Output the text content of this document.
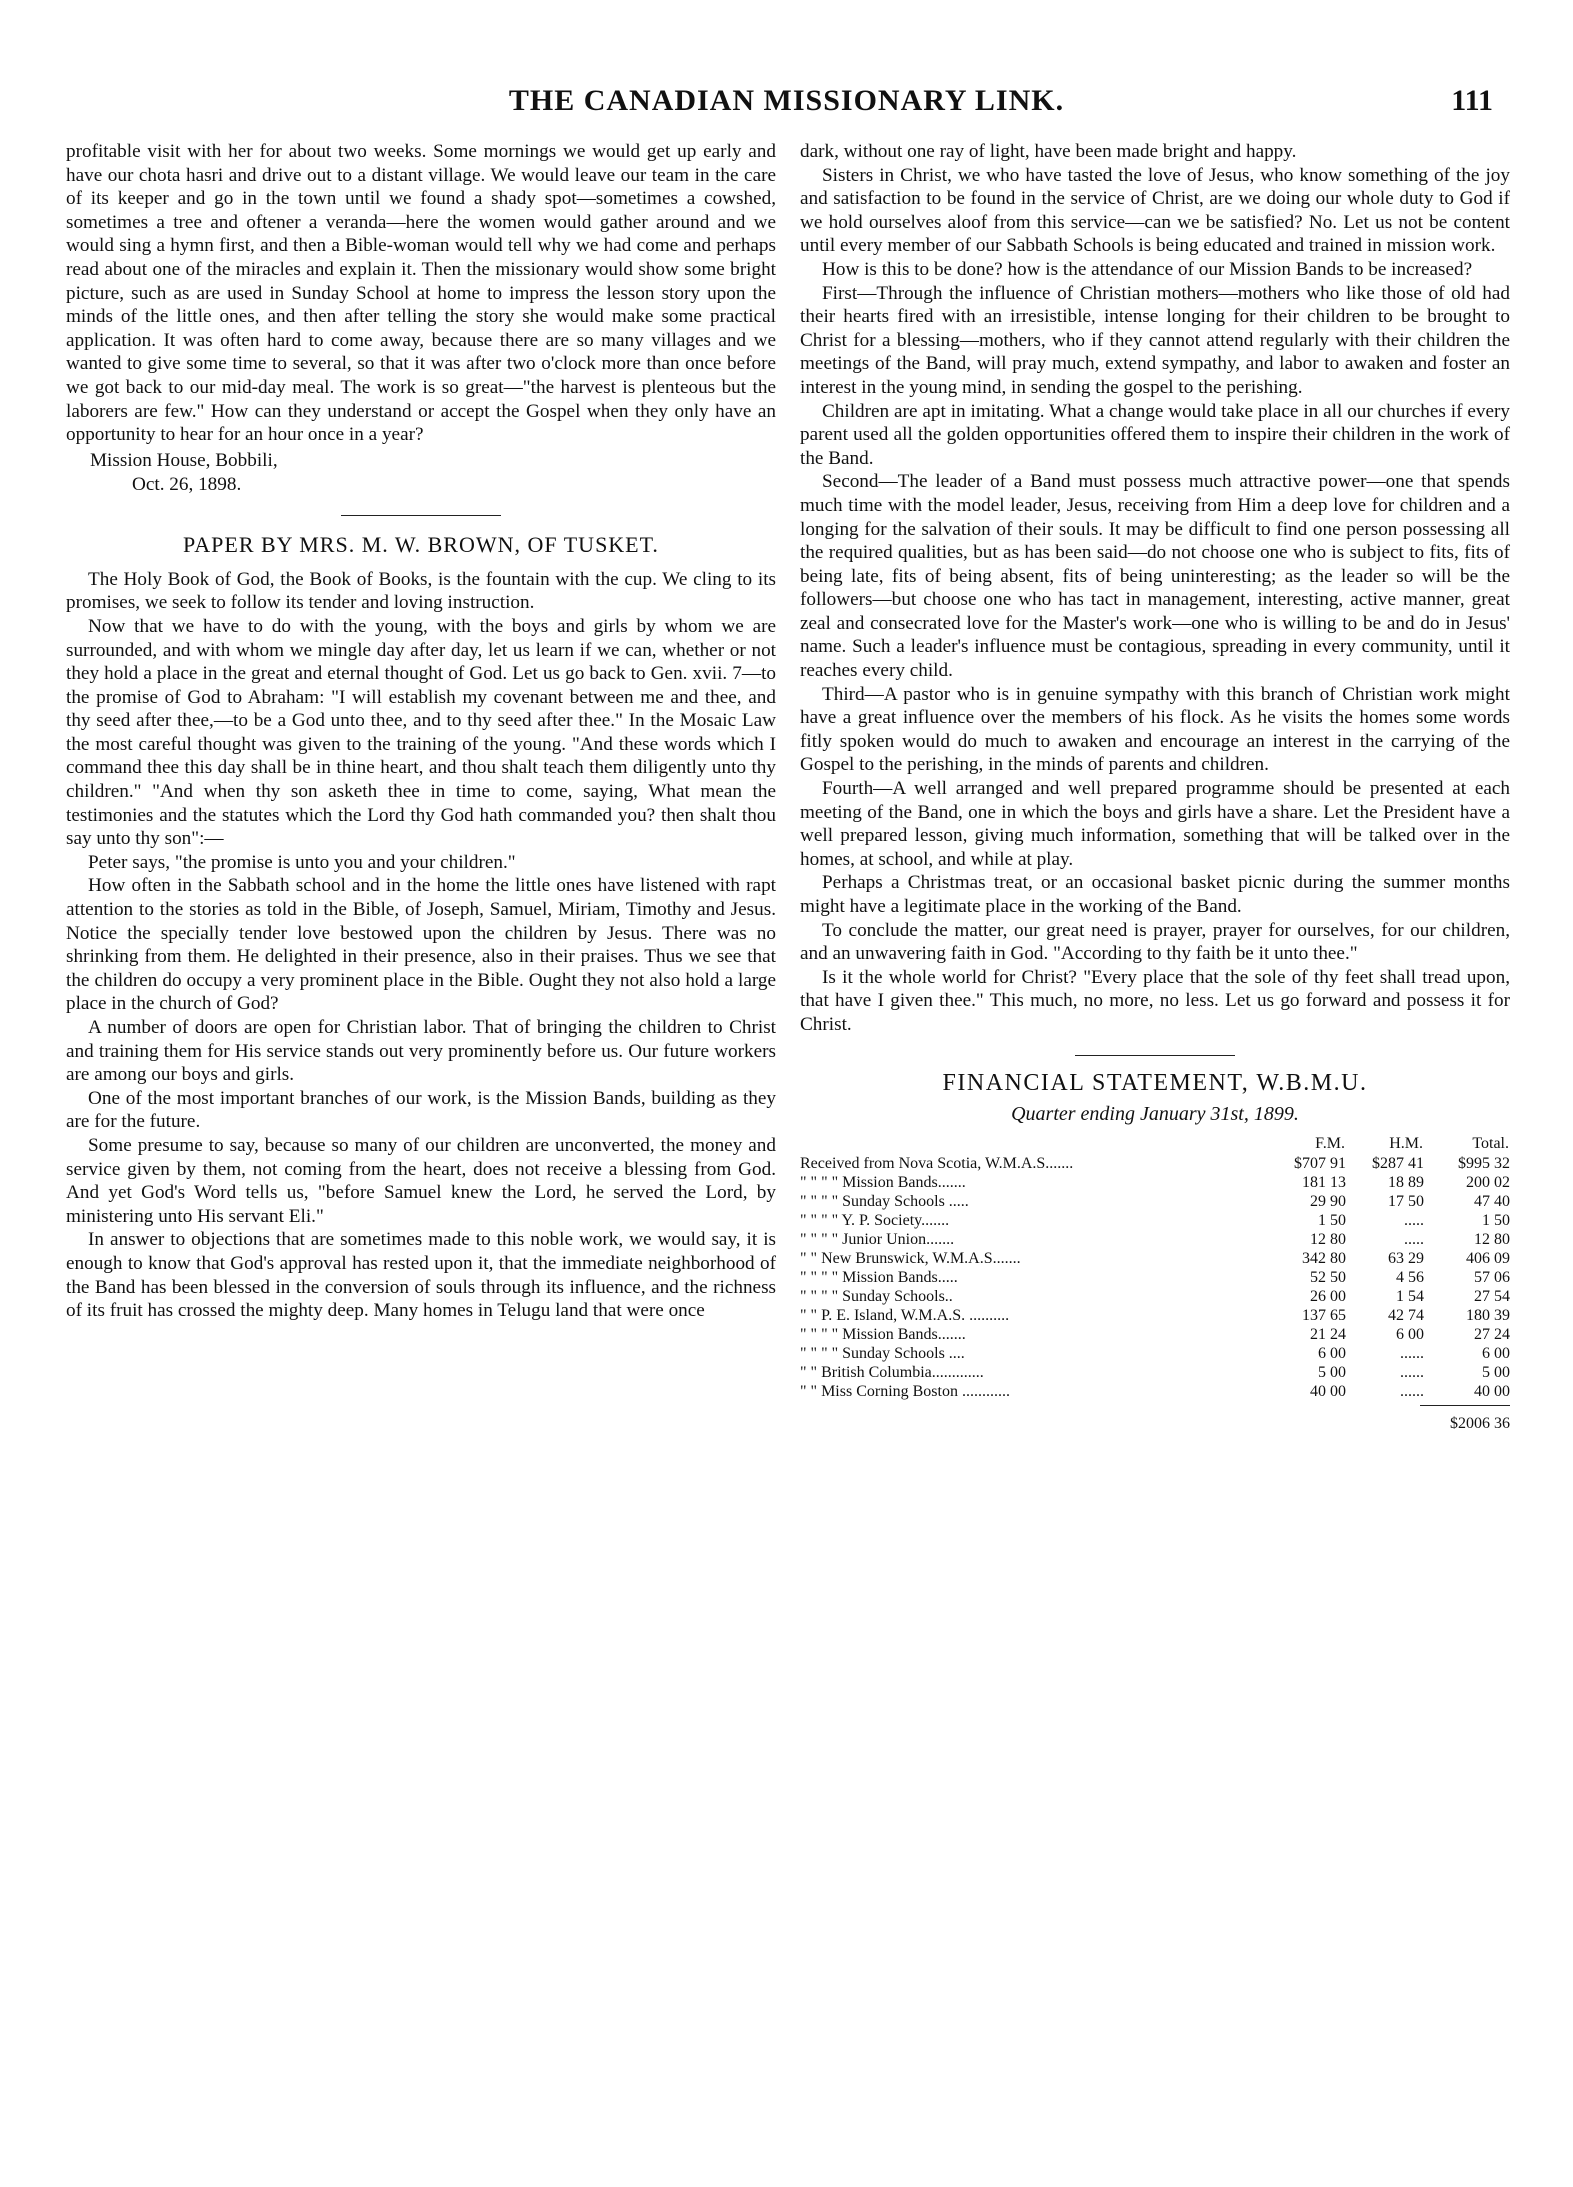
THE CANADIAN MISSIONARY LINK.	111

profitable visit with her for about two weeks. Some mornings we would get up early and have our chota hasri and drive out to a distant village. We would leave our team in the care of its keeper and go in the town until we found a shady spot—sometimes a cowshed, sometimes a tree and oftener a veranda—here the women would gather around and we would sing a hymn first, and then a Bible-woman would tell why we had come and perhaps read about one of the miracles and explain it. Then the missionary would show some bright picture, such as are used in Sunday School at home to impress the lesson story upon the minds of the little ones, and then after telling the story she would make some practical application. It was often hard to come away, because there are so many villages and we wanted to give some time to several, so that it was after two o'clock more than once before we got back to our mid-day meal. The work is so great—"the harvest is plenteous but the laborers are few." How can they understand or accept the Gospel when they only have an opportunity to hear for an hour once in a year?

Mission House, Bobbili,
Oct. 26, 1898.
PAPER BY MRS. M. W. BROWN, OF TUSKET.

The Holy Book of God, the Book of Books, is the fountain with the cup. We cling to its promises, we seek to follow its tender and loving instruction.

Now that we have to do with the young, with the boys and girls by whom we are surrounded, and with whom we mingle day after day, let us learn if we can, whether or not they hold a place in the great and eternal thought of God. Let us go back to Gen. xvii. 7—to the promise of God to Abraham: "I will establish my covenant between me and thee, and thy seed after thee,—to be a God unto thee, and to thy seed after thee." In the Mosaic Law the most careful thought was given to the training of the young. "And these words which I command thee this day shall be in thine heart, and thou shalt teach them diligently unto thy children." "And when thy son asketh thee in time to come, saying, What mean the testimonies and the statutes which the Lord thy God hath commanded you? then shalt thou say unto thy son":—

Peter says, "the promise is unto you and your children."

How often in the Sabbath school and in the home the little ones have listened with rapt attention to the stories as told in the Bible, of Joseph, Samuel, Miriam, Timothy and Jesus. Notice the specially tender love bestowed upon the children by Jesus. There was no shrinking from them. He delighted in their presence, also in their praises. Thus we see that the children do occupy a very prominent place in the Bible. Ought they not also hold a large place in the church of God?

A number of doors are open for Christian labor. That of bringing the children to Christ and training them for His service stands out very prominently before us. Our future workers are among our boys and girls.

One of the most important branches of our work, is the Mission Bands, building as they are for the future.

Some presume to say, because so many of our children are unconverted, the money and service given by them, not coming from the heart, does not receive a blessing from God. And yet God's Word tells us, "before Samuel knew the Lord, he served the Lord, by ministering unto His servant Eli."

In answer to objections that are sometimes made to this noble work, we would say, it is enough to know that God's approval has rested upon it, that the immediate neighborhood of the Band has been blessed in the conversion of souls through its influence, and the richness of its fruit has crossed the mighty deep. Many homes in Telugu land that were once

dark, without one ray of light, have been made bright and happy.

Sisters in Christ, we who have tasted the love of Jesus, who know something of the joy and satisfaction to be found in the service of Christ, are we doing our whole duty to God if we hold ourselves aloof from this service—can we be satisfied? No. Let us not be content until every member of our Sabbath Schools is being educated and trained in mission work.

How is this to be done? how is the attendance of our Mission Bands to be increased?

First—Through the influence of Christian mothers—mothers who like those of old had their hearts fired with an irresistible, intense longing for their children to be brought to Christ for a blessing—mothers, who if they cannot attend regularly with their children the meetings of the Band, will pray much, extend sympathy, and labor to awaken and foster an interest in the young mind, in sending the gospel to the perishing.

Children are apt in imitating. What a change would take place in all our churches if every parent used all the golden opportunities offered them to inspire their children in the work of the Band.

Second—The leader of a Band must possess much attractive power—one that spends much time with the model leader, Jesus, receiving from Him a deep love for children and a longing for the salvation of their souls. It may be difficult to find one person possessing all the required qualities, but as has been said—do not choose one who is subject to fits, fits of being late, fits of being absent, fits of being uninteresting; as the leader so will be the followers—but choose one who has tact in management, interesting, active manner, great zeal and consecrated love for the Master's work—one who is willing to be and do in Jesus' name. Such a leader's influence must be contagious, spreading in every community, until it reaches every child.

Third—A pastor who is in genuine sympathy with this branch of Christian work might have a great influence over the members of his flock. As he visits the homes some words fitly spoken would do much to awaken and encourage an interest in the carrying of the Gospel to the perishing, in the minds of parents and children.

Fourth—A well arranged and well prepared programme should be presented at each meeting of the Band, one in which the boys and girls have a share. Let the President have a well prepared lesson, giving much information, something that will be talked over in the homes, at school, and while at play.

Perhaps a Christmas treat, or an occasional basket picnic during the summer months might have a legitimate place in the working of the Band.

To conclude the matter, our great need is prayer, prayer for ourselves, for our children, and an unwavering faith in God. "According to thy faith be it unto thee."

Is it the whole world for Christ? "Every place that the sole of thy feet shall tread upon, that have I given thee." This much, no more, no less. Let us go forward and possess it for Christ.

FINANCIAL STATEMENT, W.B.M.U.
Quarter ending January 31st, 1899.
	F.M.	H.M.	Total.
Received from Nova Scotia, W.M.A.S.......	$707 91	$287 41	$995 32
" " " " Mission Bands.......	181 13	18 89	200 02
" " " " Sunday Schools .....	29 90	17 50	47 40
" " " " Y. P. Society.......	1 50	.....	1 50
" " " " Junior Union.......	12 80	.....	12 80
" " New Brunswick, W.M.A.S.......	342 80	63 29	406 09
" " " " Mission Bands.....	52 50	4 56	57 06
" " " " Sunday Schools..	26 00	1 54	27 54
" " P. E. Island, W.M.A.S. ..........	137 65	42 74	180 39
" " " " Mission Bands.......	21 24	6 00	27 24
" " " " Sunday Schools ....	6 00	......	6 00
" " British Columbia.............	5 00	......	5 00
" " Miss Corning Boston ............	40 00	......	40 00
$2006 36
